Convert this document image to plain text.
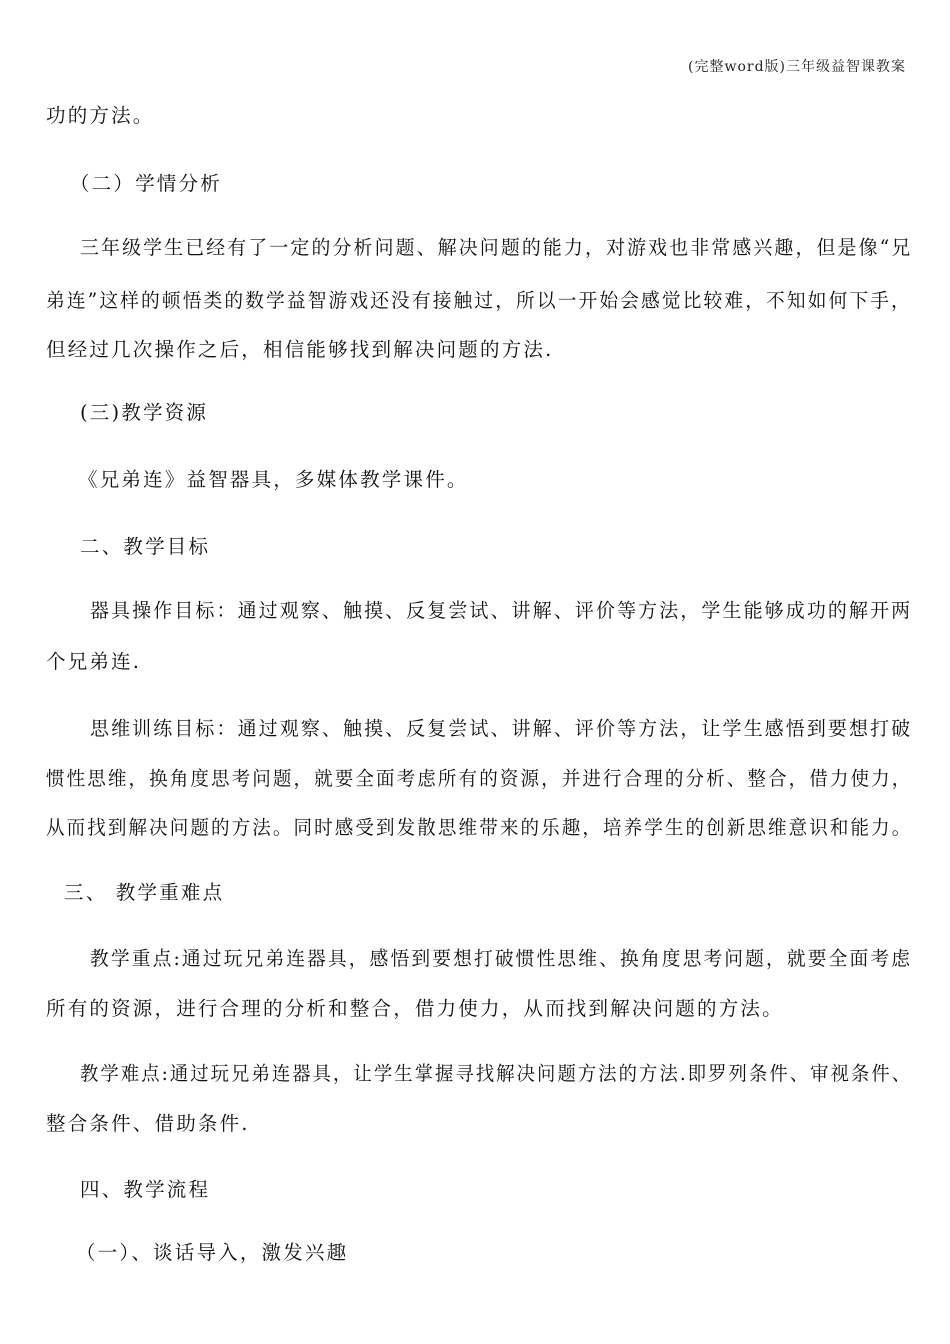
(完整word版)三年级益智课教案
功的方法。
（二）学情分析
三年级学生已经有了一定的分析问题、解决问题的能力，对游戏也非常感兴趣，但是像“兄
弟连”这样的顿悟类的数学益智游戏还没有接触过，所以一开始会感觉比较难，不知如何下手，
但经过几次操作之后，相信能够找到解决问题的方法.
(三)教学资源
《兄弟连》益智器具，多媒体教学课件。
二、教学目标
器具操作目标：通过观察、触摸、反复尝试、讲解、评价等方法，学生能够成功的解开两
个兄弟连.
思维训练目标：通过观察、触摸、反复尝试、讲解、评价等方法，让学生感悟到要想打破
惯性思维，换角度思考问题，就要全面考虑所有的资源，并进行合理的分析、整合，借力使力，
从而找到解决问题的方法。同时感受到发散思维带来的乐趣，培养学生的创新思维意识和能力。
三、 教学重难点
教学重点:通过玩兄弟连器具，感悟到要想打破惯性思维、换角度思考问题，就要全面考虑
所有的资源，进行合理的分析和整合，借力使力，从而找到解决问题的方法。
教学难点:通过玩兄弟连器具，让学生掌握寻找解决问题方法的方法.即罗列条件、审视条件、
整合条件、借助条件.
四、教学流程
（一）、谈话导入，激发兴趣
